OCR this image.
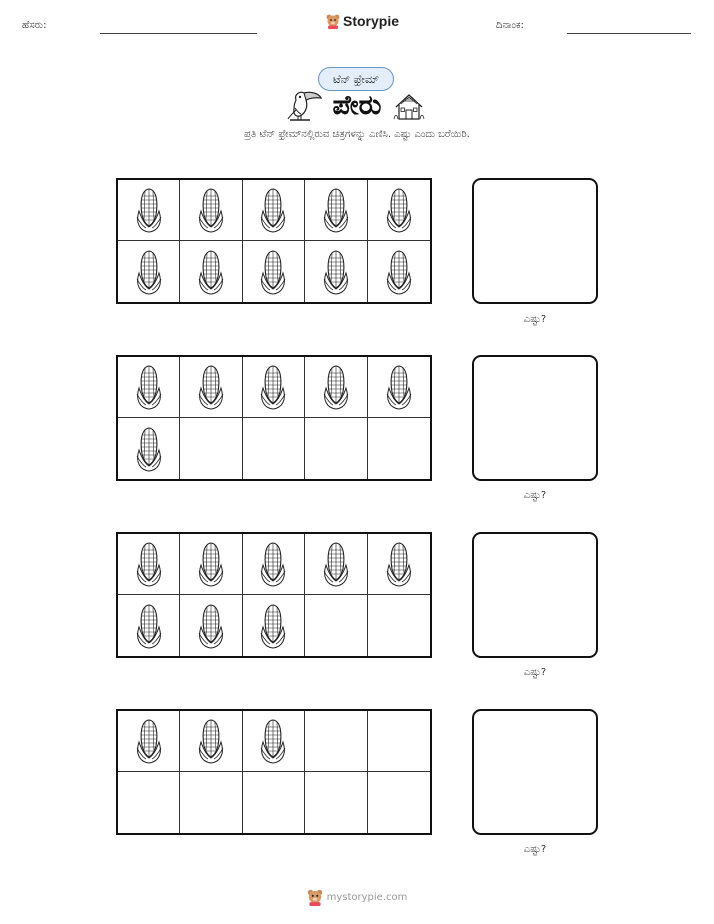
ಹೆಸರು:	Storypie	ದಿನಾಂಕ:
ಟೆನ್ ಫ್ರೇಮ್
ಪೇರು
ಪ್ರತಿ ಟೆನ್ ಫ್ರೇಮ್‌ನಲ್ಲಿರುವ ಚಿತ್ರಗಳನ್ನು ಎಣಿಸಿ. ಎಷ್ಟು ಎಂದು ಬರೆಯಿರಿ.
ಎಷ್ಟು?
ಎಷ್ಟು?
ಎಷ್ಟು?
ಎಷ್ಟು?
mystorypie.com
